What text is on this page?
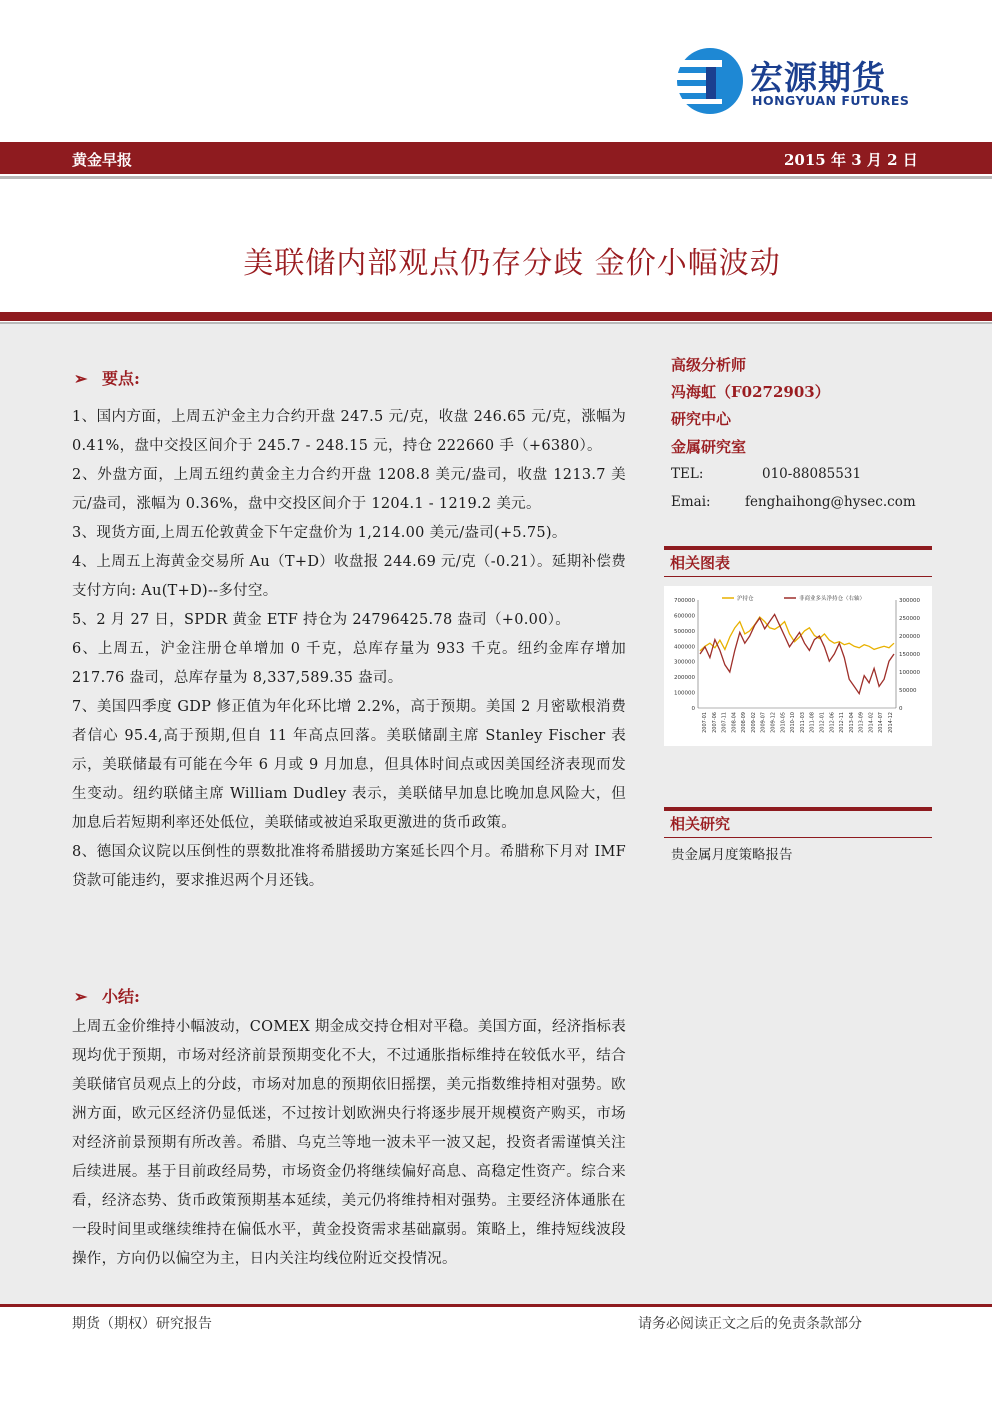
宏源期货
HONGYUAN FUTURES
黄金早报	2015 年 3 月 2 日
美联储内部观点仍存分歧 金价小幅波动
➢ 要点:

1、国内方面，上周五沪金主力合约开盘 247.5 元/克，收盘 246.65 元/克，涨幅为 0.41%，盘中交投区间介于 245.7 - 248.15 元，持仓 222660 手（+6380）。

2、外盘方面，上周五纽约黄金主力合约开盘 1208.8 美元/盎司，收盘 1213.7 美元/盎司，涨幅为 0.36%，盘中交投区间介于 1204.1 - 1219.2 美元。

3、现货方面,上周五伦敦黄金下午定盘价为 1,214.00 美元/盎司(+5.75)。

4、上周五上海黄金交易所 Au（T+D）收盘报 244.69 元/克（-0.21）。延期补偿费支付方向: Au(T+D)--多付空。

5、2 月 27 日，SPDR 黄金 ETF 持仓为 24796425.78 盎司（+0.00）。

6、上周五，沪金注册仓单增加 0 千克，总库存量为 933 千克。纽约金库存增加 217.76 盎司，总库存量为 8,337,589.35 盎司。

7、美国四季度 GDP 修正值为年化环比增 2.2%，高于预期。美国 2 月密歇根消费者信心 95.4,高于预期,但自 11 年高点回落。美联储副主席 Stanley Fischer 表示，美联储最有可能在今年 6 月或 9 月加息，但具体时间点或因美国经济表现而发生变动。纽约联储主席 William Dudley 表示，美联储早加息比晚加息风险大，但加息后若短期利率还处低位，美联储或被迫采取更激进的货币政策。

8、德国众议院以压倒性的票数批准将希腊援助方案延长四个月。希腊称下月对 IMF 贷款可能违约，要求推迟两个月还钱。

➢ 小结:

上周五金价维持小幅波动，COMEX 期金成交持仓相对平稳。美国方面，经济指标表现均优于预期，市场对经济前景预期变化不大，不过通胀指标维持在较低水平，结合美联储官员观点上的分歧，市场对加息的预期依旧摇摆，美元指数维持相对强势。欧洲方面，欧元区经济仍显低迷，不过按计划欧洲央行将逐步展开规模资产购买，市场对经济前景预期有所改善。希腊、乌克兰等地一波未平一波又起，投资者需谨慎关注后续进展。基于目前政经局势，市场资金仍将继续偏好高息、高稳定性资产。综合来看，经济态势、货币政策预期基本延续，美元仍将维持相对强势。主要经济体通胀在一段时间里或继续维持在偏低水平，黄金投资需求基础羸弱。策略上，维持短线波段操作，方向仍以偏空为主，日内关注均线位附近交投情况。

高级分析师
冯海虹（F0272903）
研究中心
金属研究室
TEL:	010-88085531
Emai:	fenghaihong@hysec.com
相关图表
700000
600000
500000
400000
300000
200000
100000
0
300000
250000
200000
150000
100000
50000
0
2007-01 2007-06 2007-11 2008-04 2008-09 2009-02 2009-07 2009-12 2010-05 2010-10 2011-03 2011-08 2012-01 2012-06 2012-11 2013-04 2013-09 2014-02 2014-07 2014-12
沪持仓	非商业多头净持仓（右轴）
相关研究
贵金属月度策略报告
期货（期权）研究报告	请务必阅读正文之后的免责条款部分
